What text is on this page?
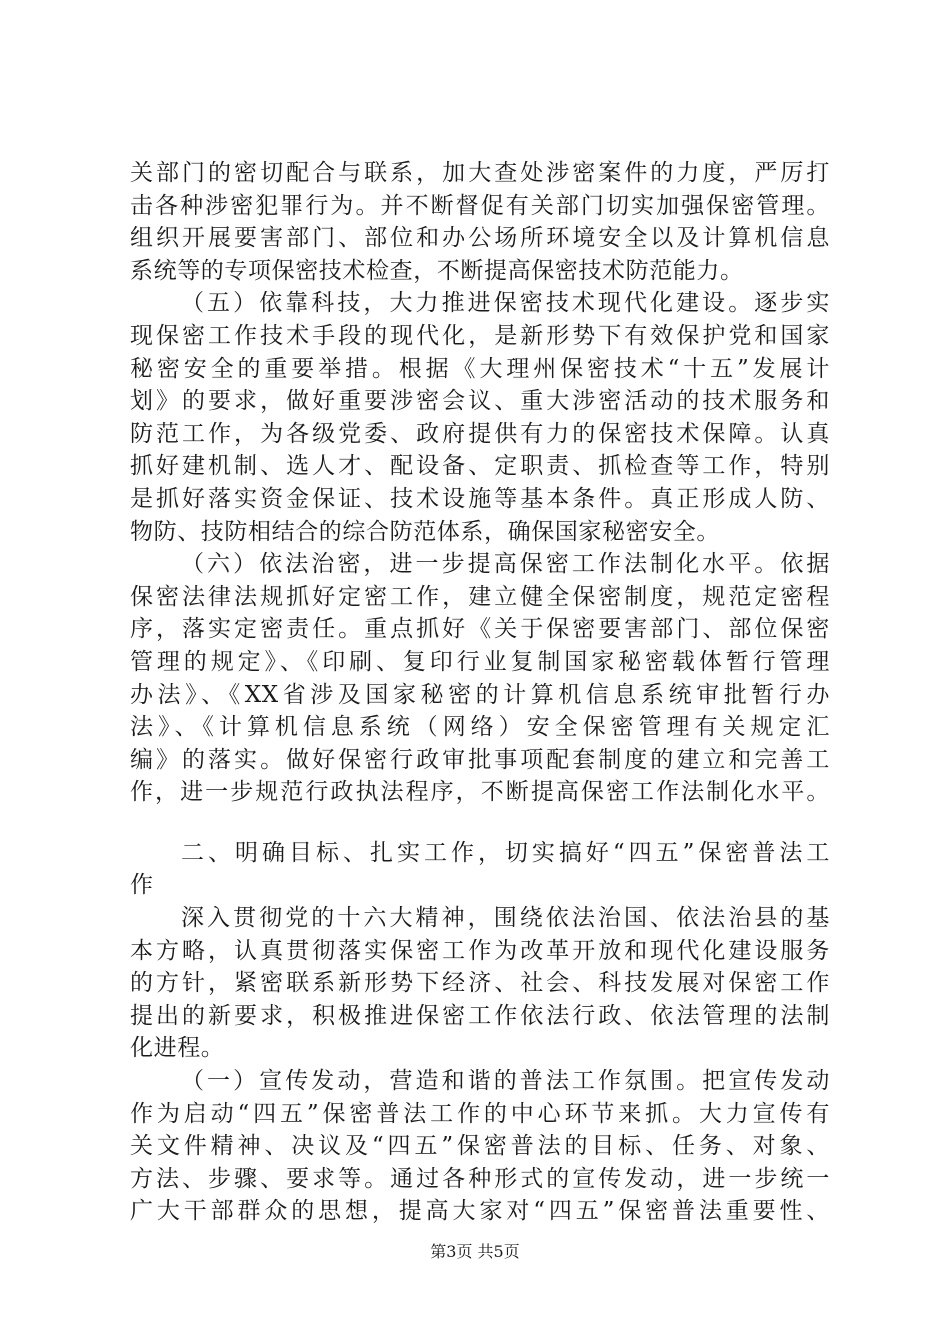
关部门的密切配合与联系，加大查处涉密案件的力度，严厉打
击各种涉密犯罪行为。并不断督促有关部门切实加强保密管理。
组织开展要害部门、部位和办公场所环境安全以及计算机信息
系统等的专项保密技术检查，不断提高保密技术防范能力。
（五）依靠科技，大力推进保密技术现代化建设。逐步实
现保密工作技术手段的现代化，是新形势下有效保护党和国家
秘密安全的重要举措。根据《大理州保密技术“十五”发展计
划》的要求，做好重要涉密会议、重大涉密活动的技术服务和
防范工作，为各级党委、政府提供有力的保密技术保障。认真
抓好建机制、选人才、配设备、定职责、抓检查等工作，特别
是抓好落实资金保证、技术设施等基本条件。真正形成人防、
物防、技防相结合的综合防范体系，确保国家秘密安全。
（六）依法治密，进一步提高保密工作法制化水平。依据
保密法律法规抓好定密工作，建立健全保密制度，规范定密程
序，落实定密责任。重点抓好《关于保密要害部门、部位保密
管理的规定》、《印刷、复印行业复制国家秘密载体暂行管理
办法》、《XX省涉及国家秘密的计算机信息系统审批暂行办
法》、《计算机信息系统（网络）安全保密管理有关规定汇
编》的落实。做好保密行政审批事项配套制度的建立和完善工
作，进一步规范行政执法程序，不断提高保密工作法制化水平。
二、明确目标、扎实工作，切实搞好“四五”保密普法工
作
深入贯彻党的十六大精神，围绕依法治国、依法治县的基
本方略，认真贯彻落实保密工作为改革开放和现代化建设服务
的方针，紧密联系新形势下经济、社会、科技发展对保密工作
提出的新要求，积极推进保密工作依法行政、依法管理的法制
化进程。
（一）宣传发动，营造和谐的普法工作氛围。把宣传发动
作为启动“四五”保密普法工作的中心环节来抓。大力宣传有
关文件精神、决议及“四五”保密普法的目标、任务、对象、
方法、步骤、要求等。通过各种形式的宣传发动，进一步统一
广大干部群众的思想，提高大家对“四五”保密普法重要性、
第3页 共5页
